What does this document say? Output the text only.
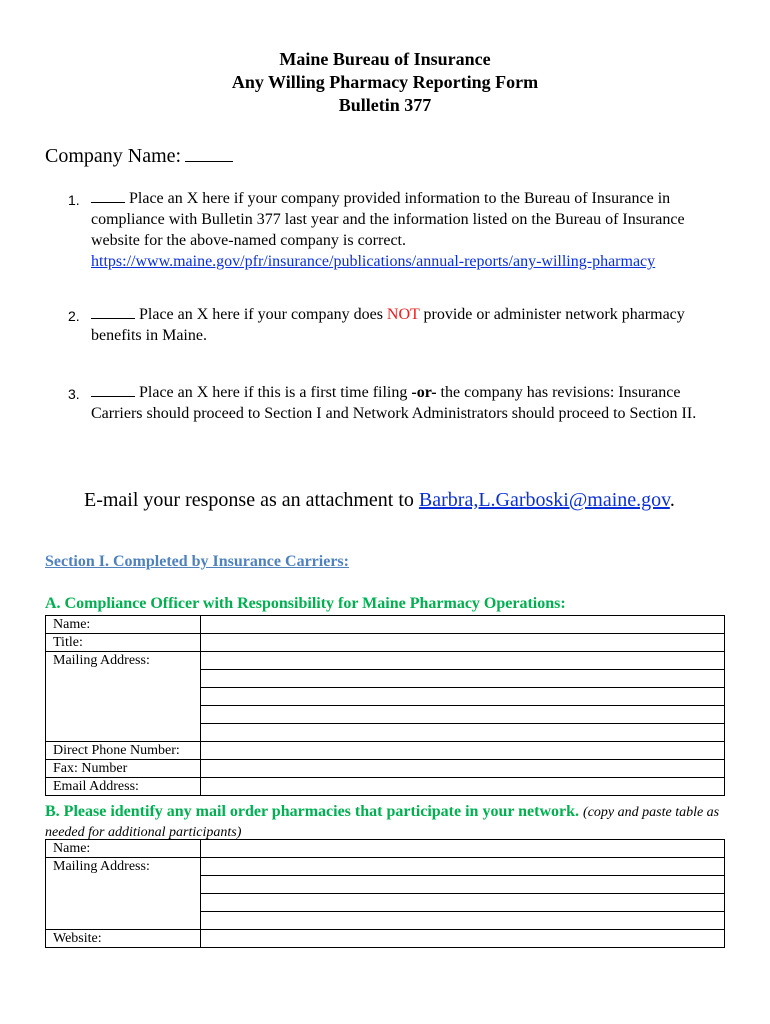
Maine Bureau of Insurance
Any Willing Pharmacy Reporting Form
Bulletin 377
Company Name:
1.	Place an X here if your company provided information to the Bureau of Insurance in compliance with Bulletin 377 last year and the information listed on the Bureau of Insurance website for the above-named company is correct.
https://www.maine.gov/pfr/insurance/publications/annual-reports/any-willing-pharmacy
2.	Place an X here if your company does NOT provide or administer network pharmacy benefits in Maine.
3.	Place an X here if this is a first time filing -or- the company has revisions: Insurance Carriers should proceed to Section I and Network Administrators should proceed to Section II.
E-mail your response as an attachment to Barbra,L.Garboski@maine.gov.
Section I. Completed by Insurance Carriers:
A. Compliance Officer with Responsibility for Maine Pharmacy Operations:
Name:	
Title:	
Mailing Address:	

Direct Phone Number:	
Fax: Number	
Email Address:	
B. Please identify any mail order pharmacies that participate in your network. (copy and paste table as needed for additional participants)
Name:	
Mailing Address:	

Website:	
